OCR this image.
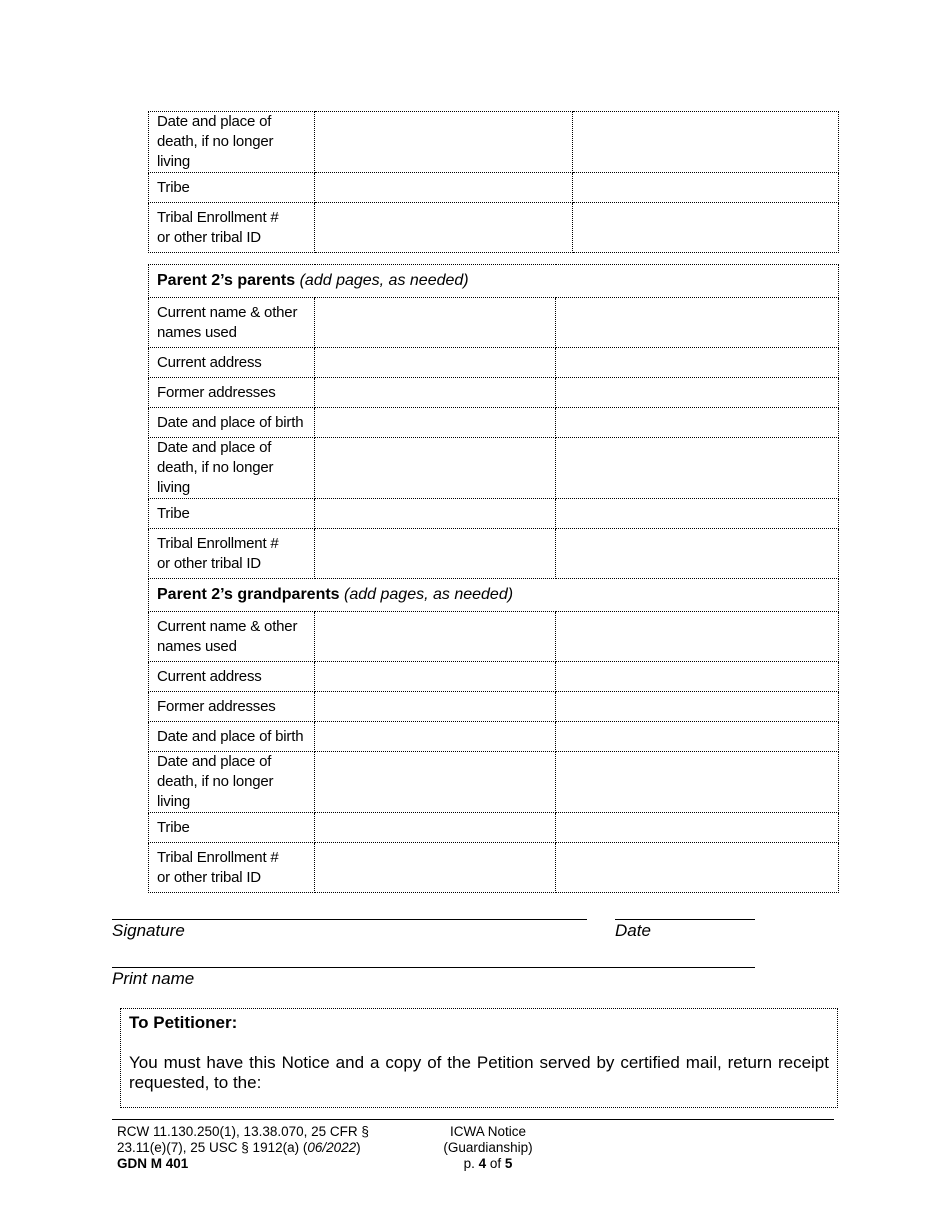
Date and place of
death, if no longer living		
Tribe		
Tribal Enrollment #
or other tribal ID		
Parent 2’s parents (add pages, as needed)		
Current name & other
names used		
Current address		
Former addresses		
Date and place of birth		
Date and place of
death, if no longer living		
Tribe		
Tribal Enrollment #
or other tribal ID		
Parent 2’s grandparents (add pages, as needed)		
Current name & other
names used		
Current address		
Former addresses		
Date and place of birth		
Date and place of
death, if no longer living		
Tribe		
Tribal Enrollment #
or other tribal ID		
Signature	Date
Print name
To Petitioner:
You must have this Notice and a copy of the Petition served by certified mail, return receipt requested, to the:
RCW 11.130.250(1), 13.38.070, 25 CFR §
23.11(e)(7), 25 USC § 1912(a) (06/2022)
GDN M 401
ICWA Notice
(Guardianship)
p. 4 of 5
